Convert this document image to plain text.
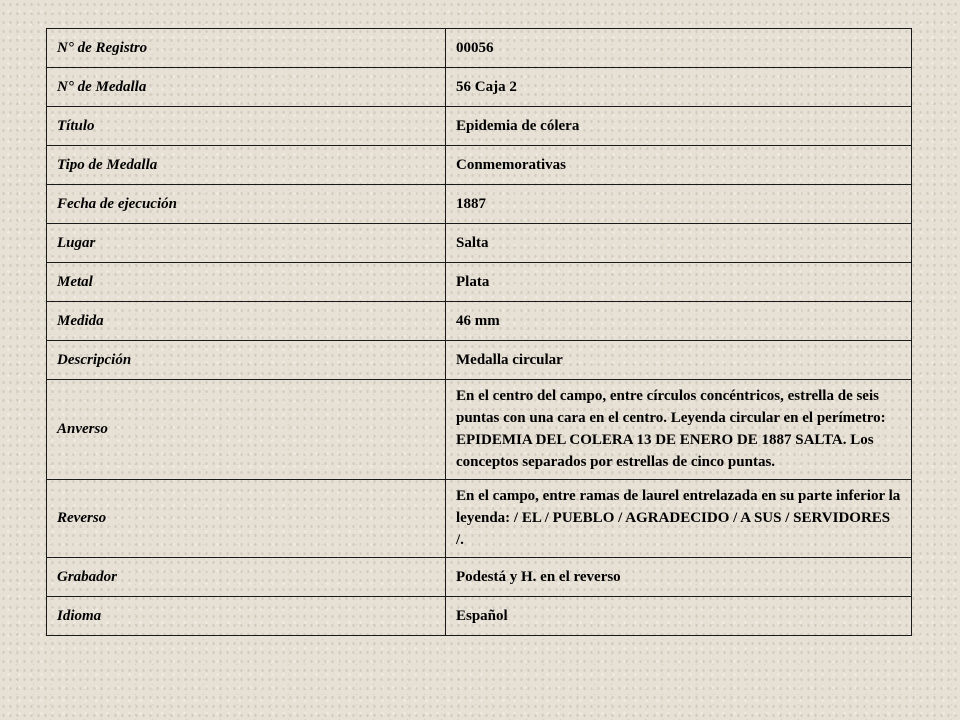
N° de Registro	00056
N° de Medalla	56 Caja 2
Título	Epidemia de cólera
Tipo de Medalla	Conmemorativas
Fecha de ejecución	1887
Lugar	Salta
Metal	Plata
Medida	46 mm
Descripción	Medalla circular
Anverso	En el centro del campo, entre círculos concéntricos, estrella de seis puntas con una cara en el centro. Leyenda circular en el perímetro: EPIDEMIA DEL COLERA 13 DE ENERO DE 1887 SALTA. Los conceptos separados por estrellas de cinco puntas.
Reverso	En el campo, entre ramas de laurel entrelazada en su parte inferior la leyenda: / EL / PUEBLO / AGRADECIDO / A SUS / SERVIDORES /.
Grabador	Podestá y H. en el reverso
Idioma	Español
